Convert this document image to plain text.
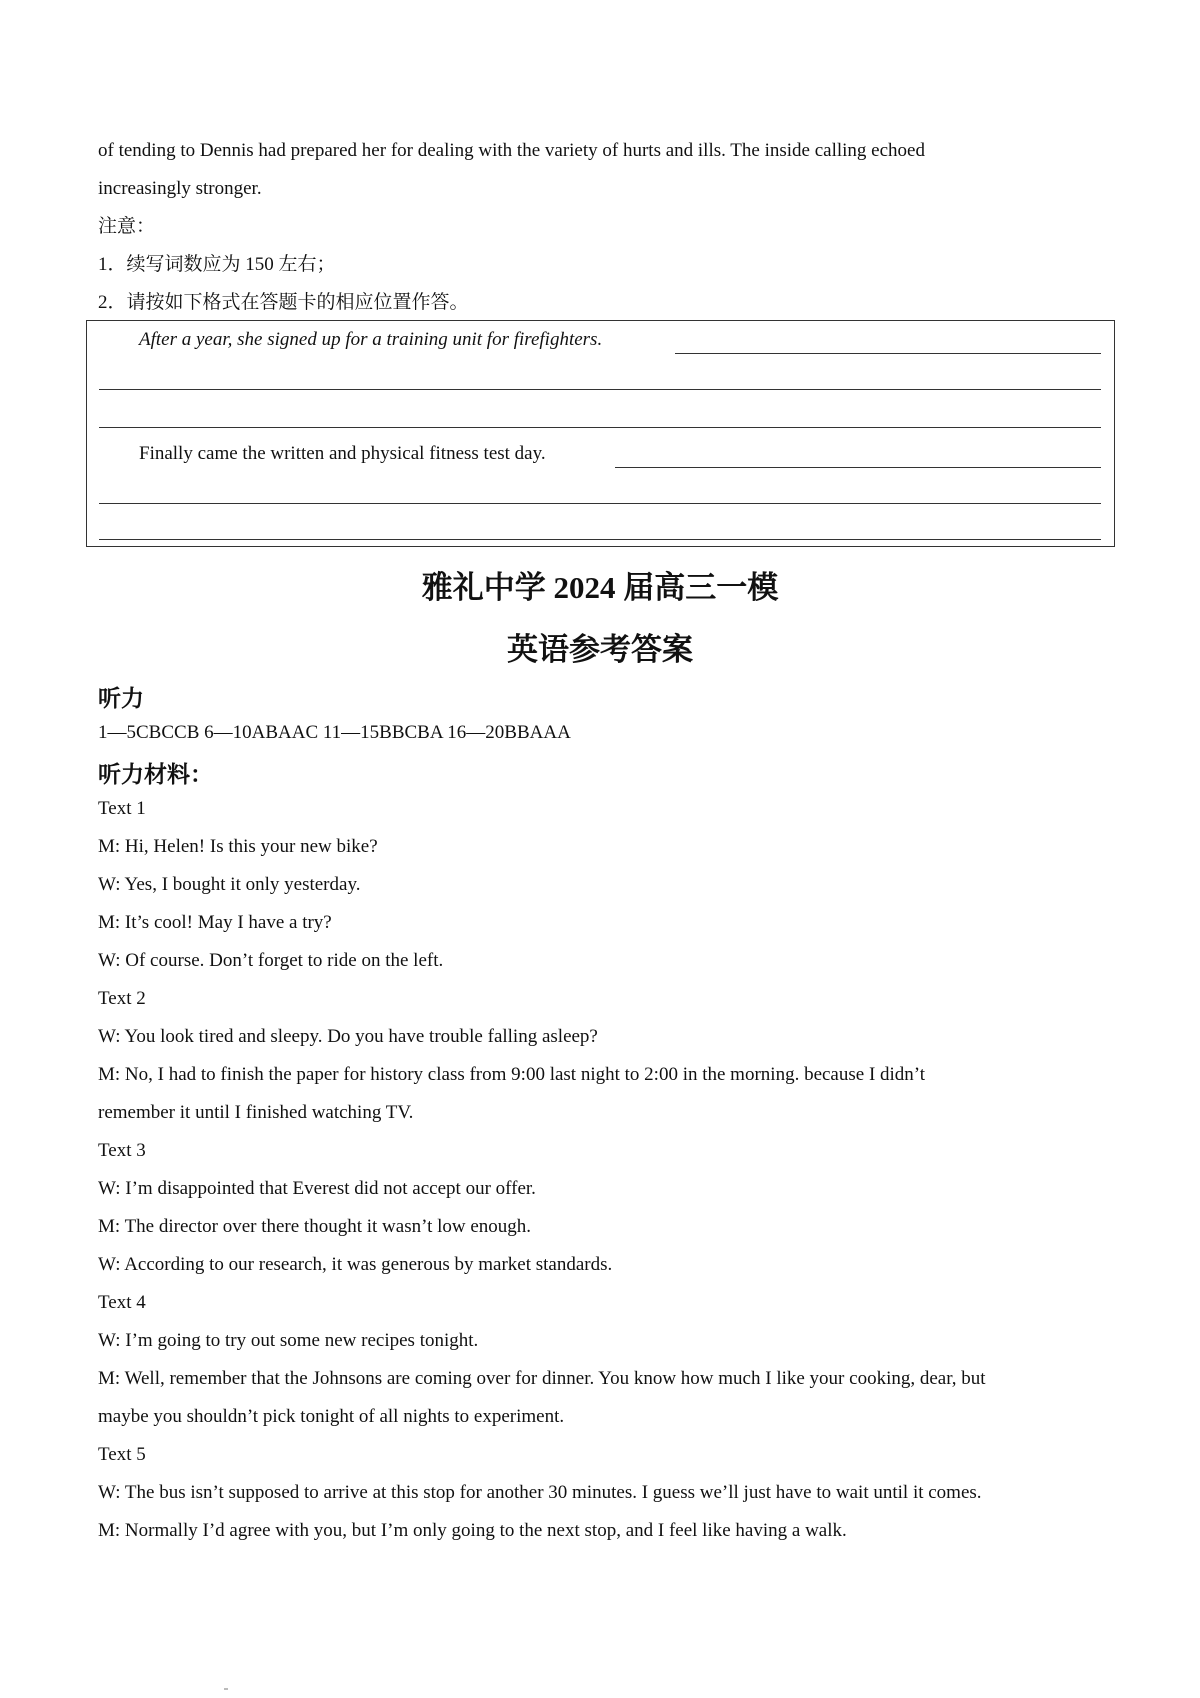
of tending to Dennis had prepared her for dealing with the variety of hurts and ills. The inside calling echoed

increasingly stronger.

注意：

1．续写词数应为 150 左右；

2．请按如下格式在答题卡的相应位置作答。

After a year, she signed up for a training unit for firefighters.
Finally came the written and physical fitness test day.
雅礼中学 2024 届高三一模
英语参考答案
听力

1—5CBCCB 6—10ABAAC 11—15BBCBA 16—20BBAAA

听力材料：

Text 1

M: Hi, Helen! Is this your new bike?

W: Yes, I bought it only yesterday.

M: It’s cool! May I have a try?

W: Of course. Don’t forget to ride on the left.

Text 2

W: You look tired and sleepy. Do you have trouble falling asleep?

M: No, I had to finish the paper for history class from 9:00 last night to 2:00 in the morning. because I didn’t

remember it until I finished watching TV.

Text 3

W: I’m disappointed that Everest did not accept our offer.

M: The director over there thought it wasn’t low enough.

W: According to our research, it was generous by market standards.

Text 4

W: I’m going to try out some new recipes tonight.

M: Well, remember that the Johnsons are coming over for dinner. You know how much I like your cooking, dear, but

maybe you shouldn’t pick tonight of all nights to experiment.

Text 5

W: The bus isn’t supposed to arrive at this stop for another 30 minutes. I guess we’ll just have to wait until it comes.

M: Normally I’d agree with you, but I’m only going to the next stop, and I feel like having a walk.
